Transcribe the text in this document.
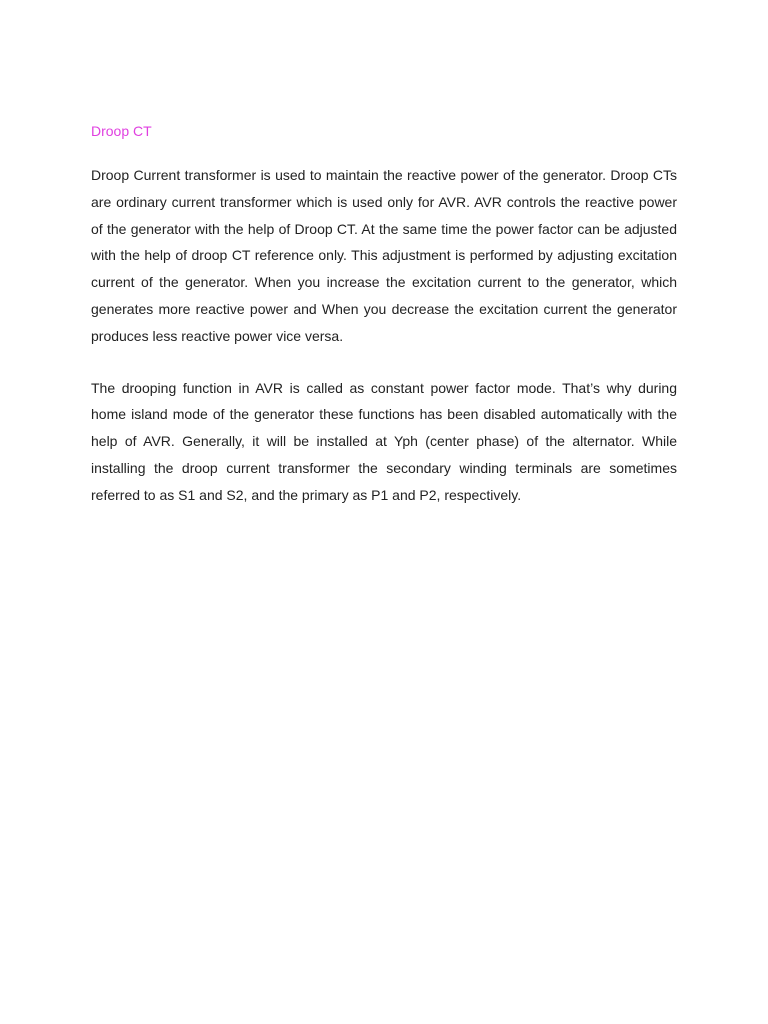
Droop CT

Droop Current transformer is used to maintain the reactive power of the generator. Droop CTs are ordinary current transformer which is used only for AVR. AVR controls the reactive power of the generator with the help of Droop CT. At the same time the power factor can be adjusted with the help of droop CT reference only. This adjustment is performed by adjusting excitation current of the generator. When you increase the excitation current to the generator, which generates more reactive power and When you decrease the excitation current the generator produces less reactive power vice versa.

The drooping function in AVR is called as constant power factor mode. That’s why during home island mode of the generator these functions has been disabled automatically with the help of AVR. Generally, it will be installed at Yph (center phase) of the alternator. While installing the droop current transformer the secondary winding terminals are sometimes referred to as S1 and S2, and the primary as P1 and P2, respectively.
